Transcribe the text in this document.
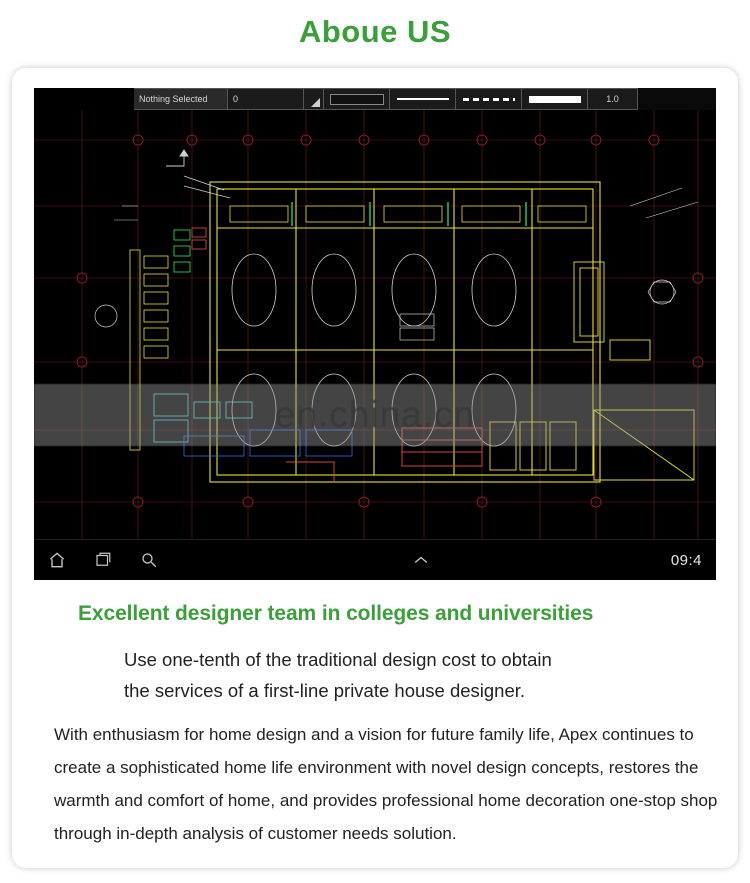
Aboue US
Nothing Selected	0	1.0
en.china.cn
09:4
Excellent designer team in colleges and universities
Use one-tenth of the traditional design cost to obtain
the services of a first-line private house designer.
With enthusiasm for home design and a vision for future family life, Apex continues to create a sophisticated home life environment with novel design concepts, restores the warmth and comfort of home, and provides professional home decoration one-stop shop through in-depth analysis of customer needs solution.
